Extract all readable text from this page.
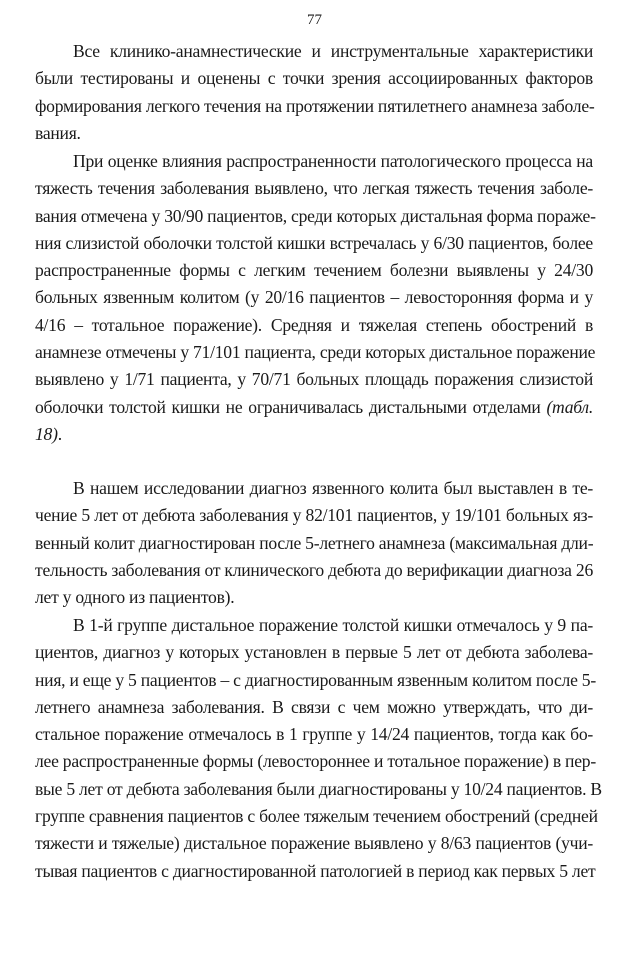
77
Все клинико-анамнестические и инструментальные характеристики
были тестированы и оценены с точки зрения ассоциированных факторов
формирования легкого течения на протяжении пятилетнего анамнеза заболе-
вания.
При оценке влияния распространенности патологического процесса на
тяжесть течения заболевания выявлено, что легкая тяжесть течения заболе-
вания отмечена у 30/90 пациентов, среди которых дистальная форма пораже-
ния слизистой оболочки толстой кишки встречалась у 6/30 пациентов, более
распространенные формы с легким течением болезни выявлены у 24/30
больных язвенным колитом (у 20/16 пациентов – левосторонняя форма и у
4/16 – тотальное поражение). Средняя и тяжелая степень обострений в
анамнезе отмечены у 71/101 пациента, среди которых дистальное поражение
выявлено у 1/71 пациента, у 70/71 больных площадь поражения слизистой
оболочки толстой кишки не ограничивалась дистальными отделами (табл.
18).
В нашем исследовании диагноз язвенного колита был выставлен в те-
чение 5 лет от дебюта заболевания у 82/101 пациентов, у 19/101 больных яз-
венный колит диагностирован после 5-летнего анамнеза (максимальная дли-
тельность заболевания от клинического дебюта до верификации диагноза 26
лет у одного из пациентов).
В 1-й группе дистальное поражение толстой кишки отмечалось у 9 па-
циентов, диагноз у которых установлен в первые 5 лет от дебюта заболева-
ния, и еще у 5 пациентов – с диагностированным язвенным колитом после 5-
летнего анамнеза заболевания. В связи с чем можно утверждать, что ди-
стальное поражение отмечалось в 1 группе у 14/24 пациентов, тогда как бо-
лее распространенные формы (левостороннее и тотальное поражение) в пер-
вые 5 лет от дебюта заболевания были диагностированы у 10/24 пациентов. В
группе сравнения пациентов с более тяжелым течением обострений (средней
тяжести и тяжелые) дистальное поражение выявлено у 8/63 пациентов (учи-
тывая пациентов с диагностированной патологией в период как первых 5 лет
